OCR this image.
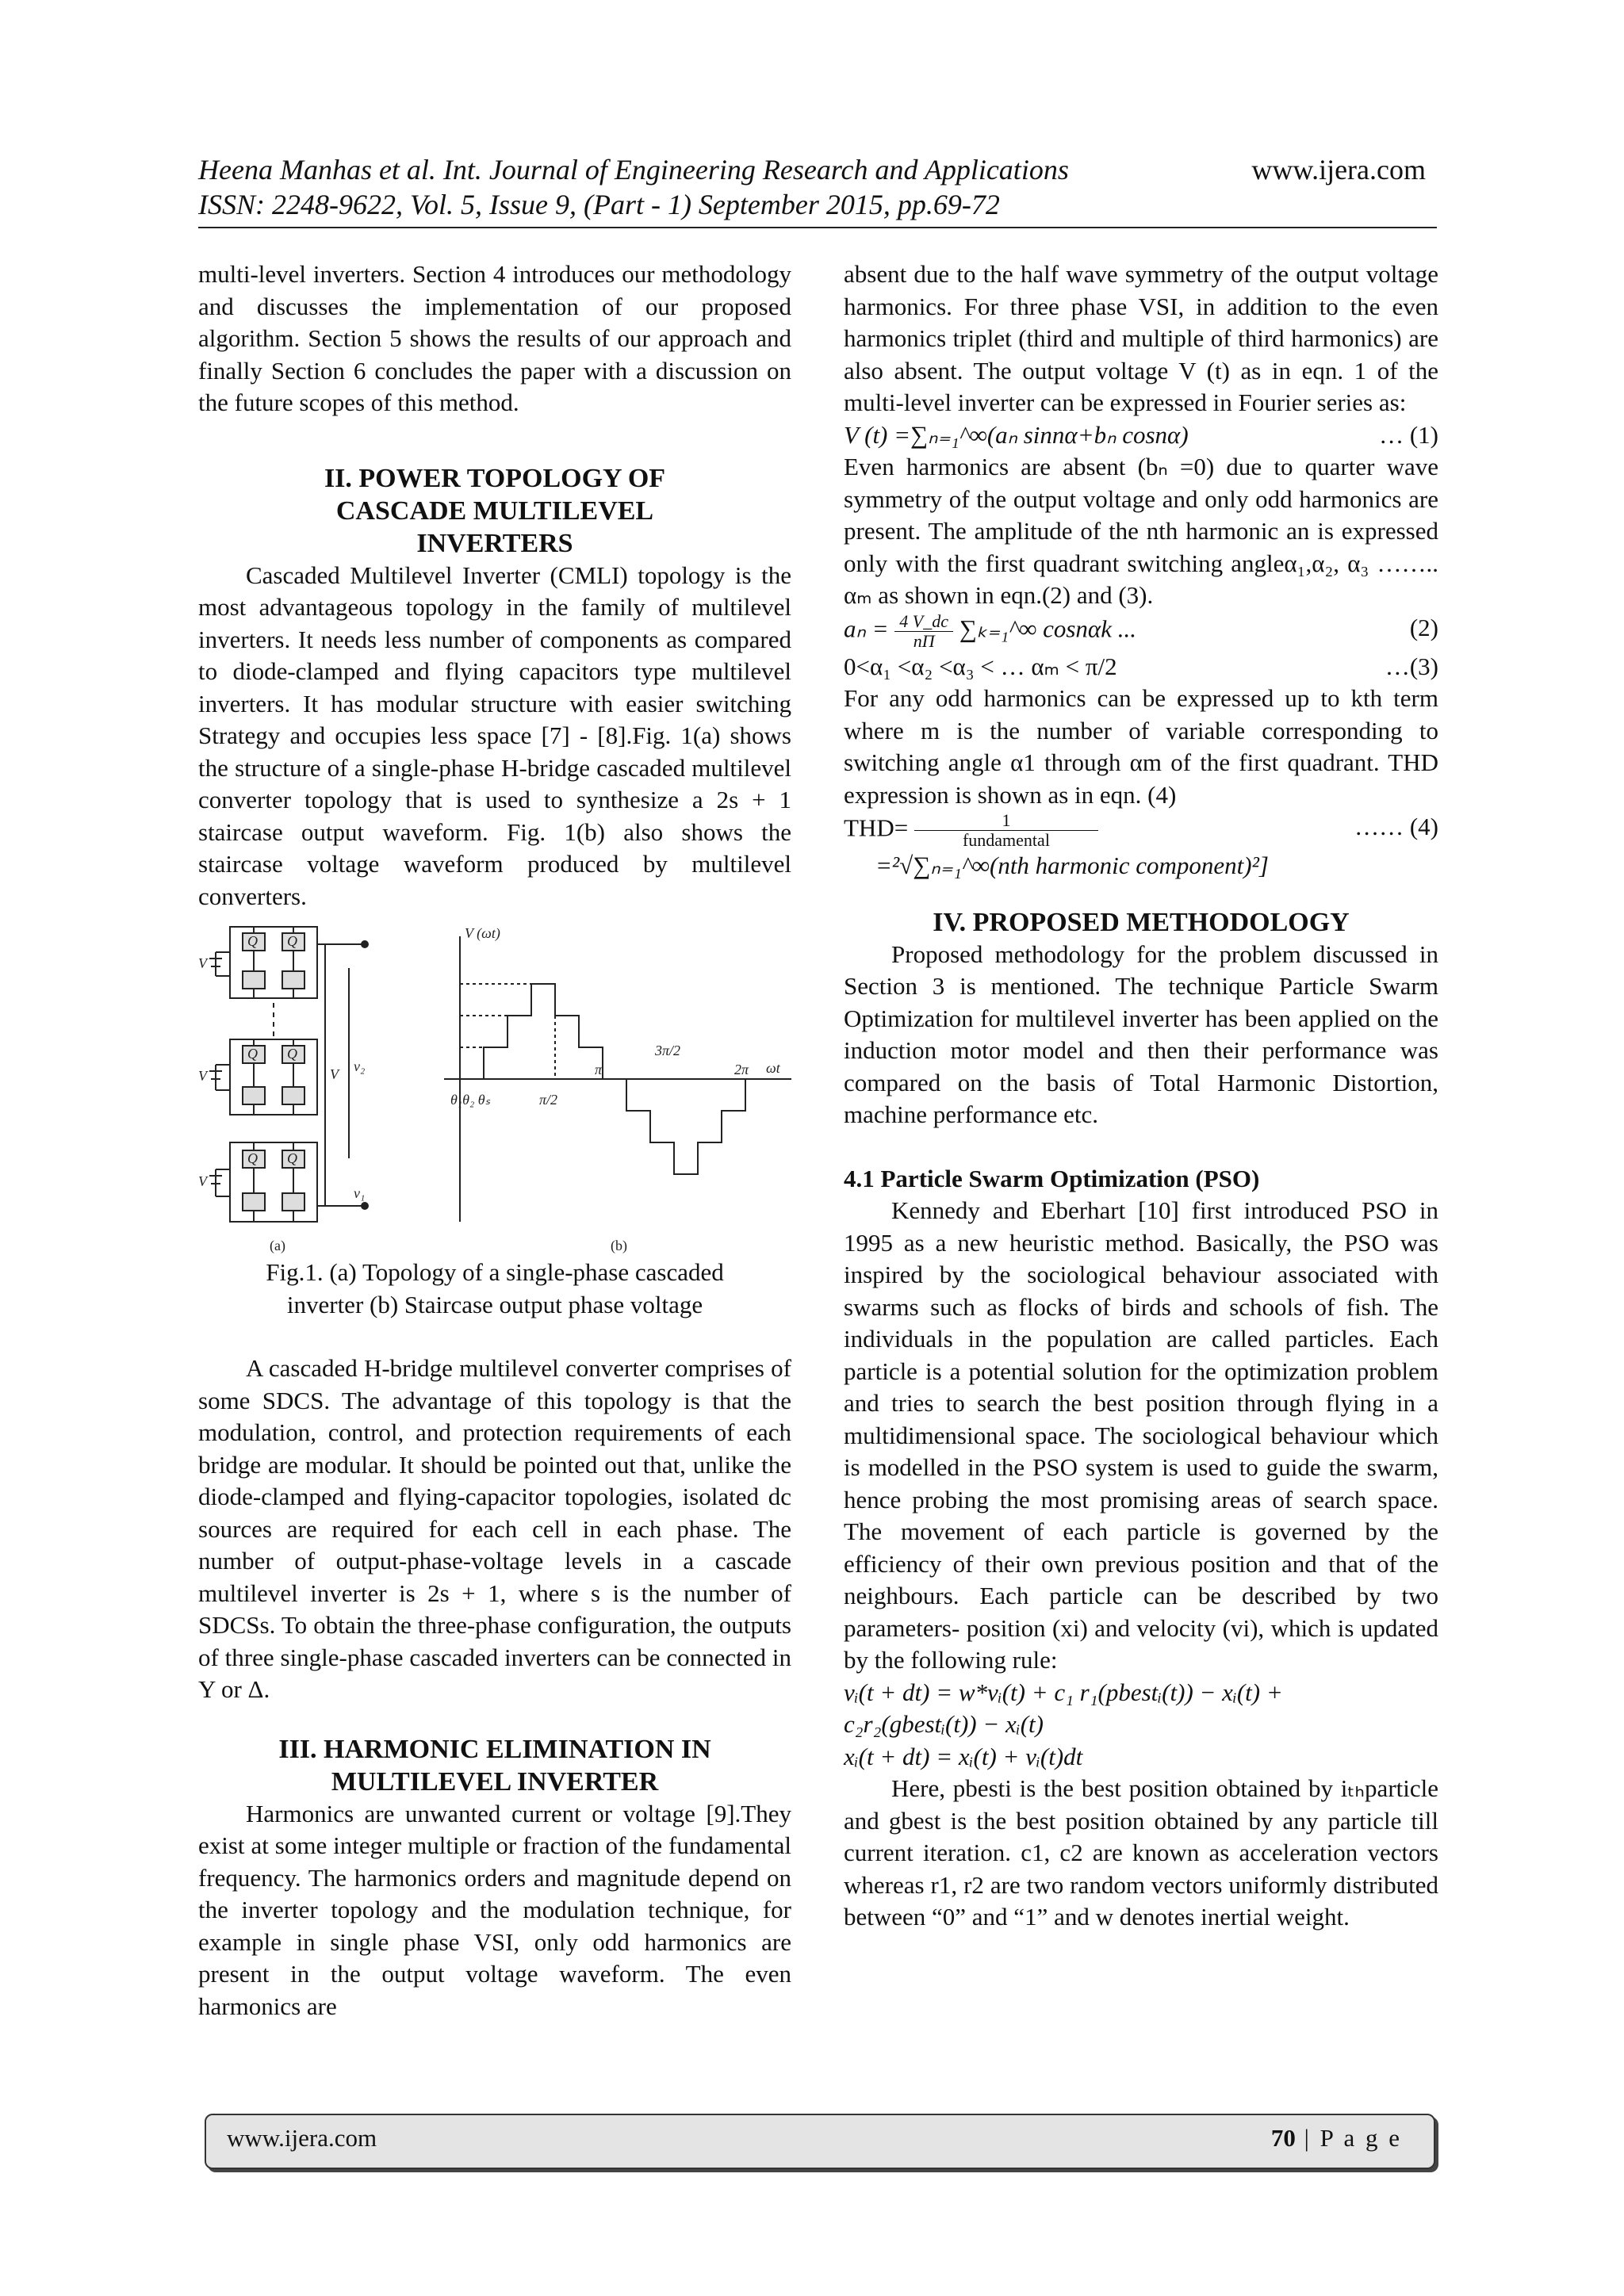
Heena Manhas et al. Int. Journal of Engineering Research and Applications
ISSN: 2248-9622, Vol. 5, Issue 9, (Part - 1) September 2015, pp.69-72
www.ijera.com

multi-level inverters. Section 4 introduces our methodology and discusses the implementation of our proposed algorithm. Section 5 shows the results of our approach and finally Section 6 concludes the paper with a discussion on the future scopes of this method.

II. POWER TOPOLOGY OF

CASCADE MULTILEVEL

INVERTERS

Cascaded Multilevel Inverter (CMLI) topology is the most advantageous topology in the family of multilevel inverters. It needs less number of components as compared to diode-clamped and flying capacitors type multilevel inverters. It has modular structure with easier switching Strategy and occupies less space [7] - [8].Fig. 1(a) shows the structure of a single-phase H-bridge cascaded multilevel converter topology that is used to synthesize a 2s + 1 staircase output waveform. Fig. 1(b) also shows the staircase voltage waveform produced by multilevel converters.

V
V
V
Q Q
Q Q
Q Q
V v₂
v₁
(a)	(b)
V (ωt)
θ₁θ₂ θₛ	π/2
π
3π/2
2π ωt

Fig.1. (a) Topology of a single-phase cascaded

inverter (b) Staircase output phase voltage

A cascaded H-bridge multilevel converter comprises of some SDCS. The advantage of this topology is that the modulation, control, and protection requirements of each bridge are modular. It should be pointed out that, unlike the diode-clamped and flying-capacitor topologies, isolated dc sources are required for each cell in each phase. The number of output-phase-voltage levels in a cascade multilevel inverter is 2s + 1, where s is the number of SDCSs. To obtain the three-phase configuration, the outputs of three single-phase cascaded inverters can be connected in Y or Δ.

III. HARMONIC ELIMINATION IN

MULTILEVEL INVERTER

Harmonics are unwanted current or voltage [9].They exist at some integer multiple or fraction of the fundamental frequency. The harmonics orders and magnitude depend on the inverter topology and the modulation technique, for example in single phase VSI, only odd harmonics are present in the output voltage waveform. The even harmonics are

absent due to the half wave symmetry of the output voltage harmonics. For three phase VSI, in addition to the even harmonics triplet (third and multiple of third harmonics) are also absent. The output voltage V (t) as in eqn. 1 of the multi-level inverter can be expressed in Fourier series as:

V (t) =∑ₙ₌₁^∞(aₙ sinnα+bₙ cosnα)	… (1)

Even harmonics are absent (bₙ =0) due to quarter wave symmetry of the output voltage and only odd harmonics are present. The amplitude of the nth harmonic an is expressed only with the first quadrant switching angleα₁,α₂, α₃ …….. αₘ as shown in eqn.(2) and (3).

$a_n = \frac{4 V\_dc}{n\Pi}$ ∑ₖ₌₁^∞ cosnαk ...	(2)
0<α₁ <α₂ <α₃ < … αₘ < π/2	…(3)

For any odd harmonics can be expressed up to kth term where m is the number of variable corresponding to switching angle α1 through αm of the first quadrant. THD expression is shown as in eqn. (4)

$THD= \frac{1}{\text{fundamental}}$	…… (4)

=²√∑ₙ₌₁^∞(nth harmonic component)²]

IV. PROPOSED METHODOLOGY

Proposed methodology for the problem discussed in Section 3 is mentioned. The technique Particle Swarm Optimization for multilevel inverter has been applied on the induction motor model and then their performance was compared on the basis of Total Harmonic Distortion, machine performance etc.

4.1 Particle Swarm Optimization (PSO)

Kennedy and Eberhart [10] first introduced PSO in 1995 as a new heuristic method. Basically, the PSO was inspired by the sociological behaviour associated with swarms such as flocks of birds and schools of fish. The individuals in the population are called particles. Each particle is a potential solution for the optimization problem and tries to search the best position through flying in a multidimensional space. The sociological behaviour which is modelled in the PSO system is used to guide the swarm, hence probing the most promising areas of search space. The movement of each particle is governed by the efficiency of their own previous position and that of the neighbours. Each particle can be described by two parameters- position (xi) and velocity (vi), which is updated by the following rule:

vᵢ(t + dt) = w*vᵢ(t) + c₁ r₁(pbestᵢ(t)) − xᵢ(t) +

c₂r₂(gbestᵢ(t)) − xᵢ(t)

xᵢ(t + dt) = xᵢ(t) + vᵢ(t)dt

Here, pbesti is the best position obtained by iₜₕparticle and gbest is the best position obtained by any particle till current iteration. c1, c2 are known as acceleration vectors whereas r1, r2 are two random vectors uniformly distributed between “0” and “1” and w denotes inertial weight.

www.ijera.com	70 | P a g e
